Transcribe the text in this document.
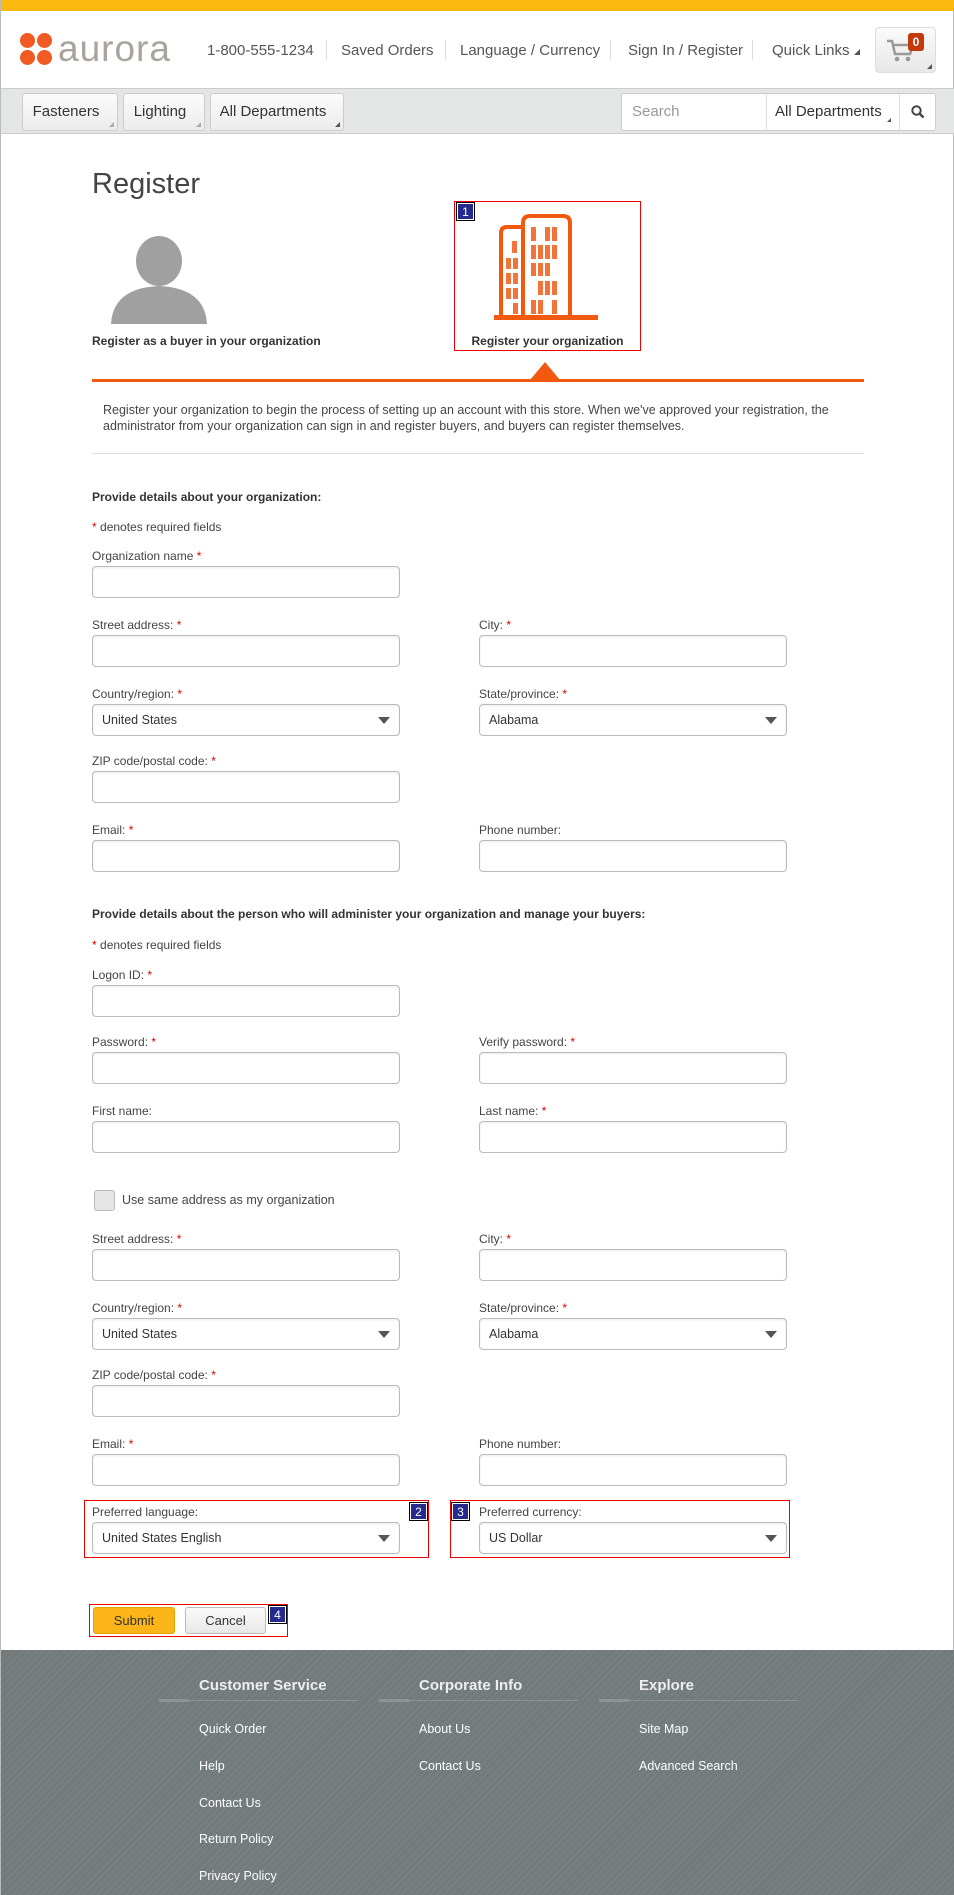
aurora 1-800-555-1234 Saved Orders Language / Currency Sign In / Register Quick Links	0
Fasteners	Lighting	All Departments	Search	All Departments
Register
Register as a buyer in your organization	Register your organization
1
Register your organization to begin the process of setting up an account with this store. When we've approved your registration, the administrator from your organization can sign in and register buyers, and buyers can register themselves.
Provide details about your organization:
* denotes required fields
Provide details about the person who will administer your organization and manage your buyers:
* denotes required fields
Use same address as my organization
Organization name *
Street address: *	City: *
Country/region: *
United States
State/province: *
Alabama
ZIP code/postal code: *
Email: *	Phone number:
Logon ID: *
Password: *	Verify password: *
First name:	Last name: *
Street address: *	City: *
Country/region: *
United States
State/province: *
Alabama
ZIP code/postal code: *
Email: *	Phone number:
Preferred language:
United States English
Preferred currency:
US Dollar
2	3
Submit	Cancel	4
Customer Service
Quick Order
Help
Contact Us
Return Policy
Privacy Policy
Corporate Info
About Us
Contact Us
Explore
Site Map
Advanced Search
